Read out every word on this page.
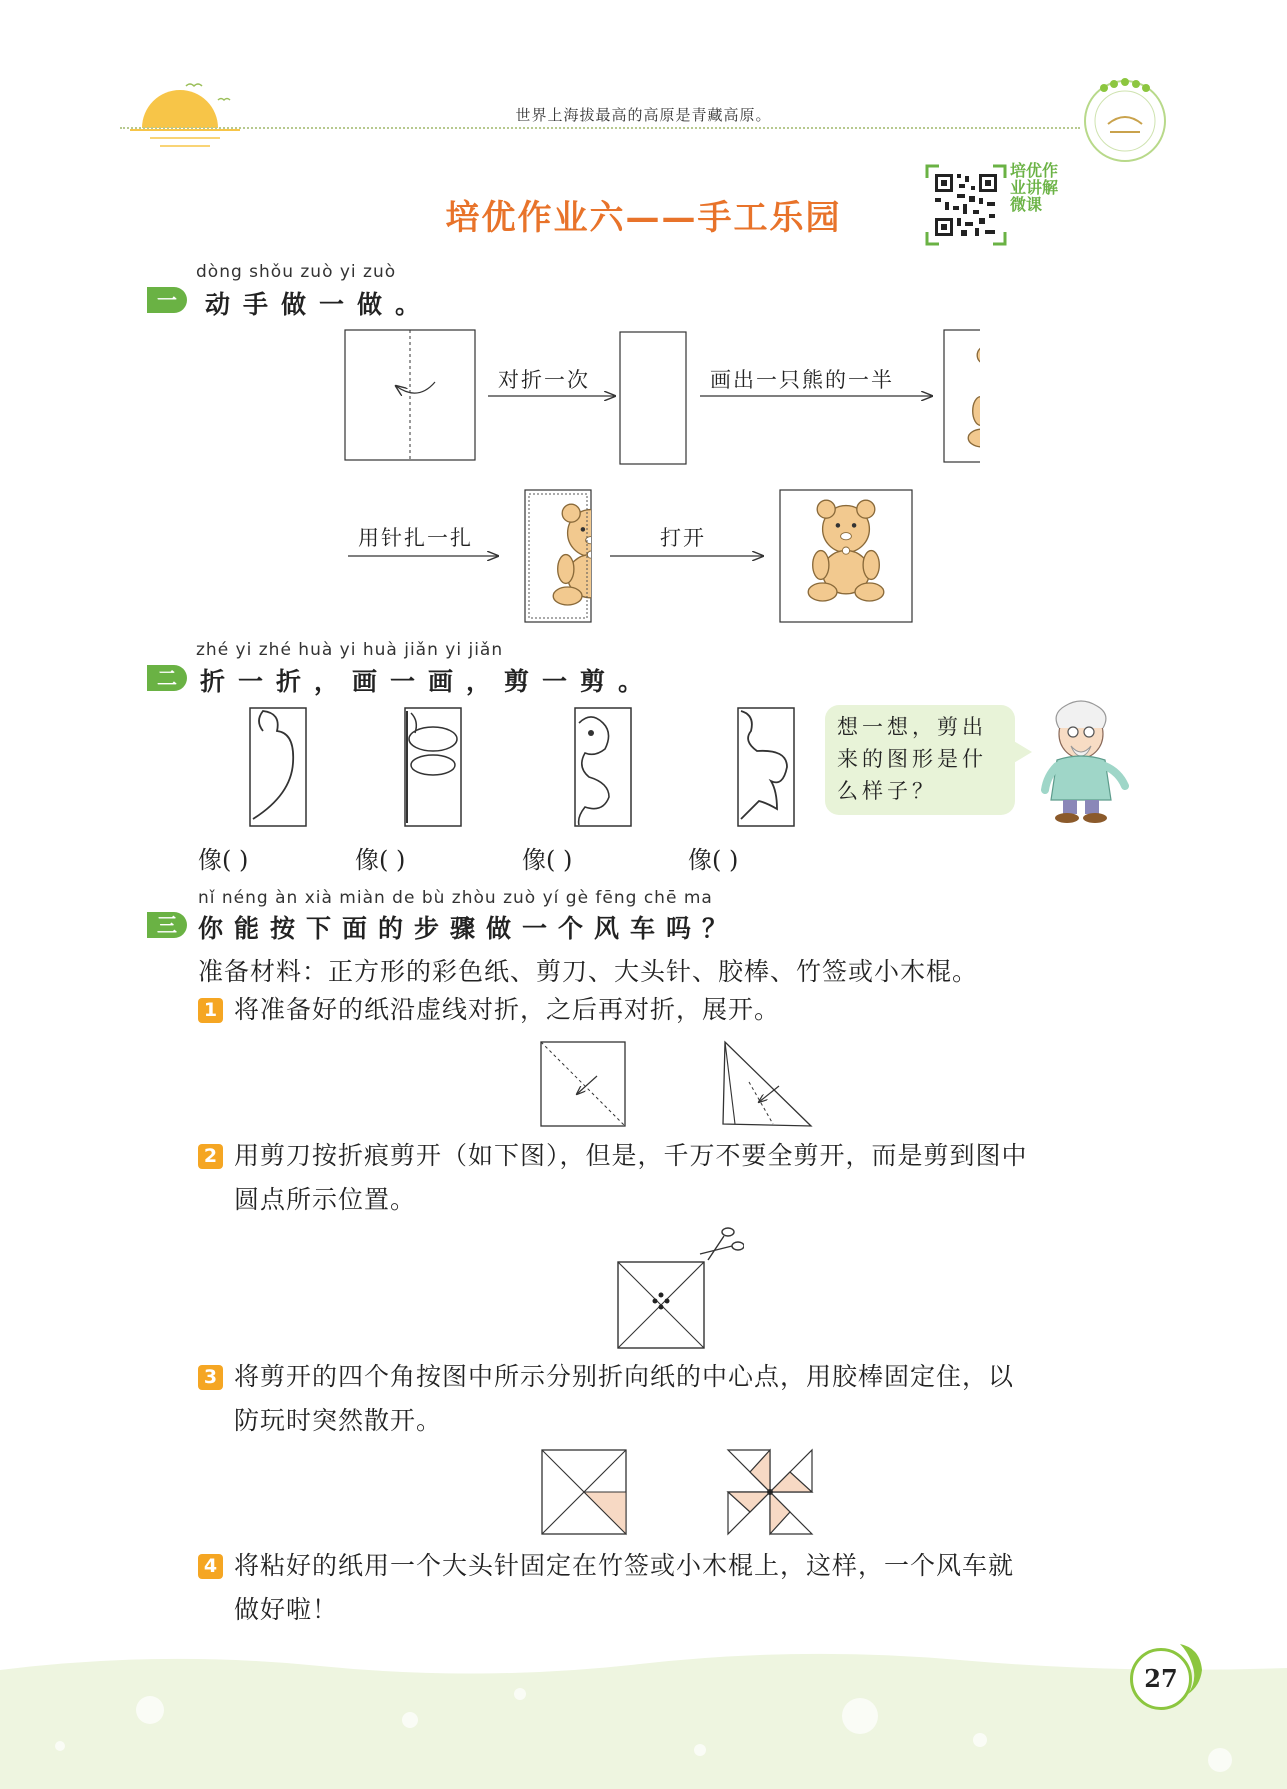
世界上海拔最高的高原是青藏高原。
培优作业六——手工乐园
培优作业讲解微课
dòng shǒu zuò yi zuò
一	动手做一做。
对折一次	画出一只熊的一半
用针扎一扎	打开
zhé yi zhé huà yi huà jiǎn yi jiǎn
二 折一折，画一画，剪一剪。
像( )	像( )	像( )	像( )
想一想，剪出来的图形是什么样子？
nǐ néng àn xià miàn de bù zhòu zuò yí gè fēng chē ma
三 你能按下面的步骤做一个风车吗？
准备材料：正方形的彩色纸、剪刀、大头针、胶棒、竹签或小木棍。
1 将准备好的纸沿虚线对折，之后再对折，展开。
2 用剪刀按折痕剪开（如下图），但是，千万不要全剪开，而是剪到图中圆点所示位置。
3 将剪开的四个角按图中所示分别折向纸的中心点，用胶棒固定住，以防玩时突然散开。
4 将粘好的纸用一个大头针固定在竹签或小木棍上，这样，一个风车就做好啦！
27
